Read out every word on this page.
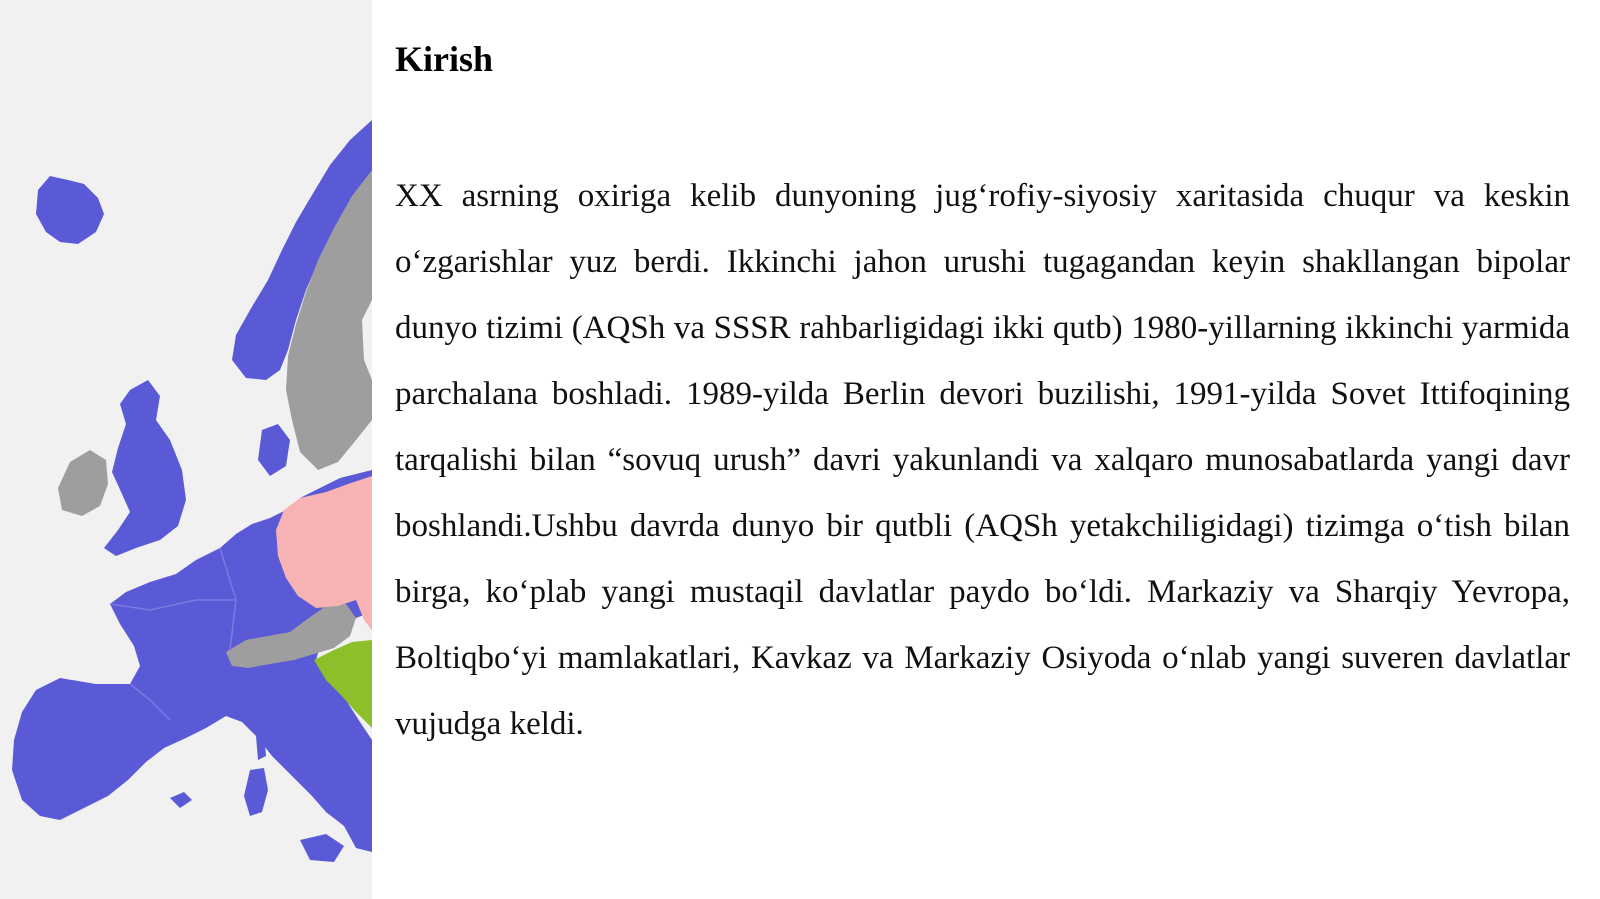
Kirish

XX asrning oxiriga kelib dunyoning jug‘rofiy-siyosiy xaritasida chuqur va keskin o‘zgarishlar yuz berdi. Ikkinchi jahon urushi tugagandan keyin shakllangan bipolar dunyo tizimi (AQSh va SSSR rahbarligidagi ikki qutb) 1980-yillarning ikkinchi yarmida parchalana boshladi. 1989-yilda Berlin devori buzilishi, 1991-yilda Sovet Ittifoqining tarqalishi bilan “sovuq urush” davri yakunlandi va xalqaro munosabatlarda yangi davr boshlandi.Ushbu davrda dunyo bir qutbli (AQSh yetakchiligidagi) tizimga o‘tish bilan birga, ko‘plab yangi mustaqil davlatlar paydo bo‘ldi. Markaziy va Sharqiy Yevropa, Boltiqbo‘yi mamlakatlari, Kavkaz va Markaziy Osiyoda o‘nlab yangi suveren davlatlar vujudga keldi.
